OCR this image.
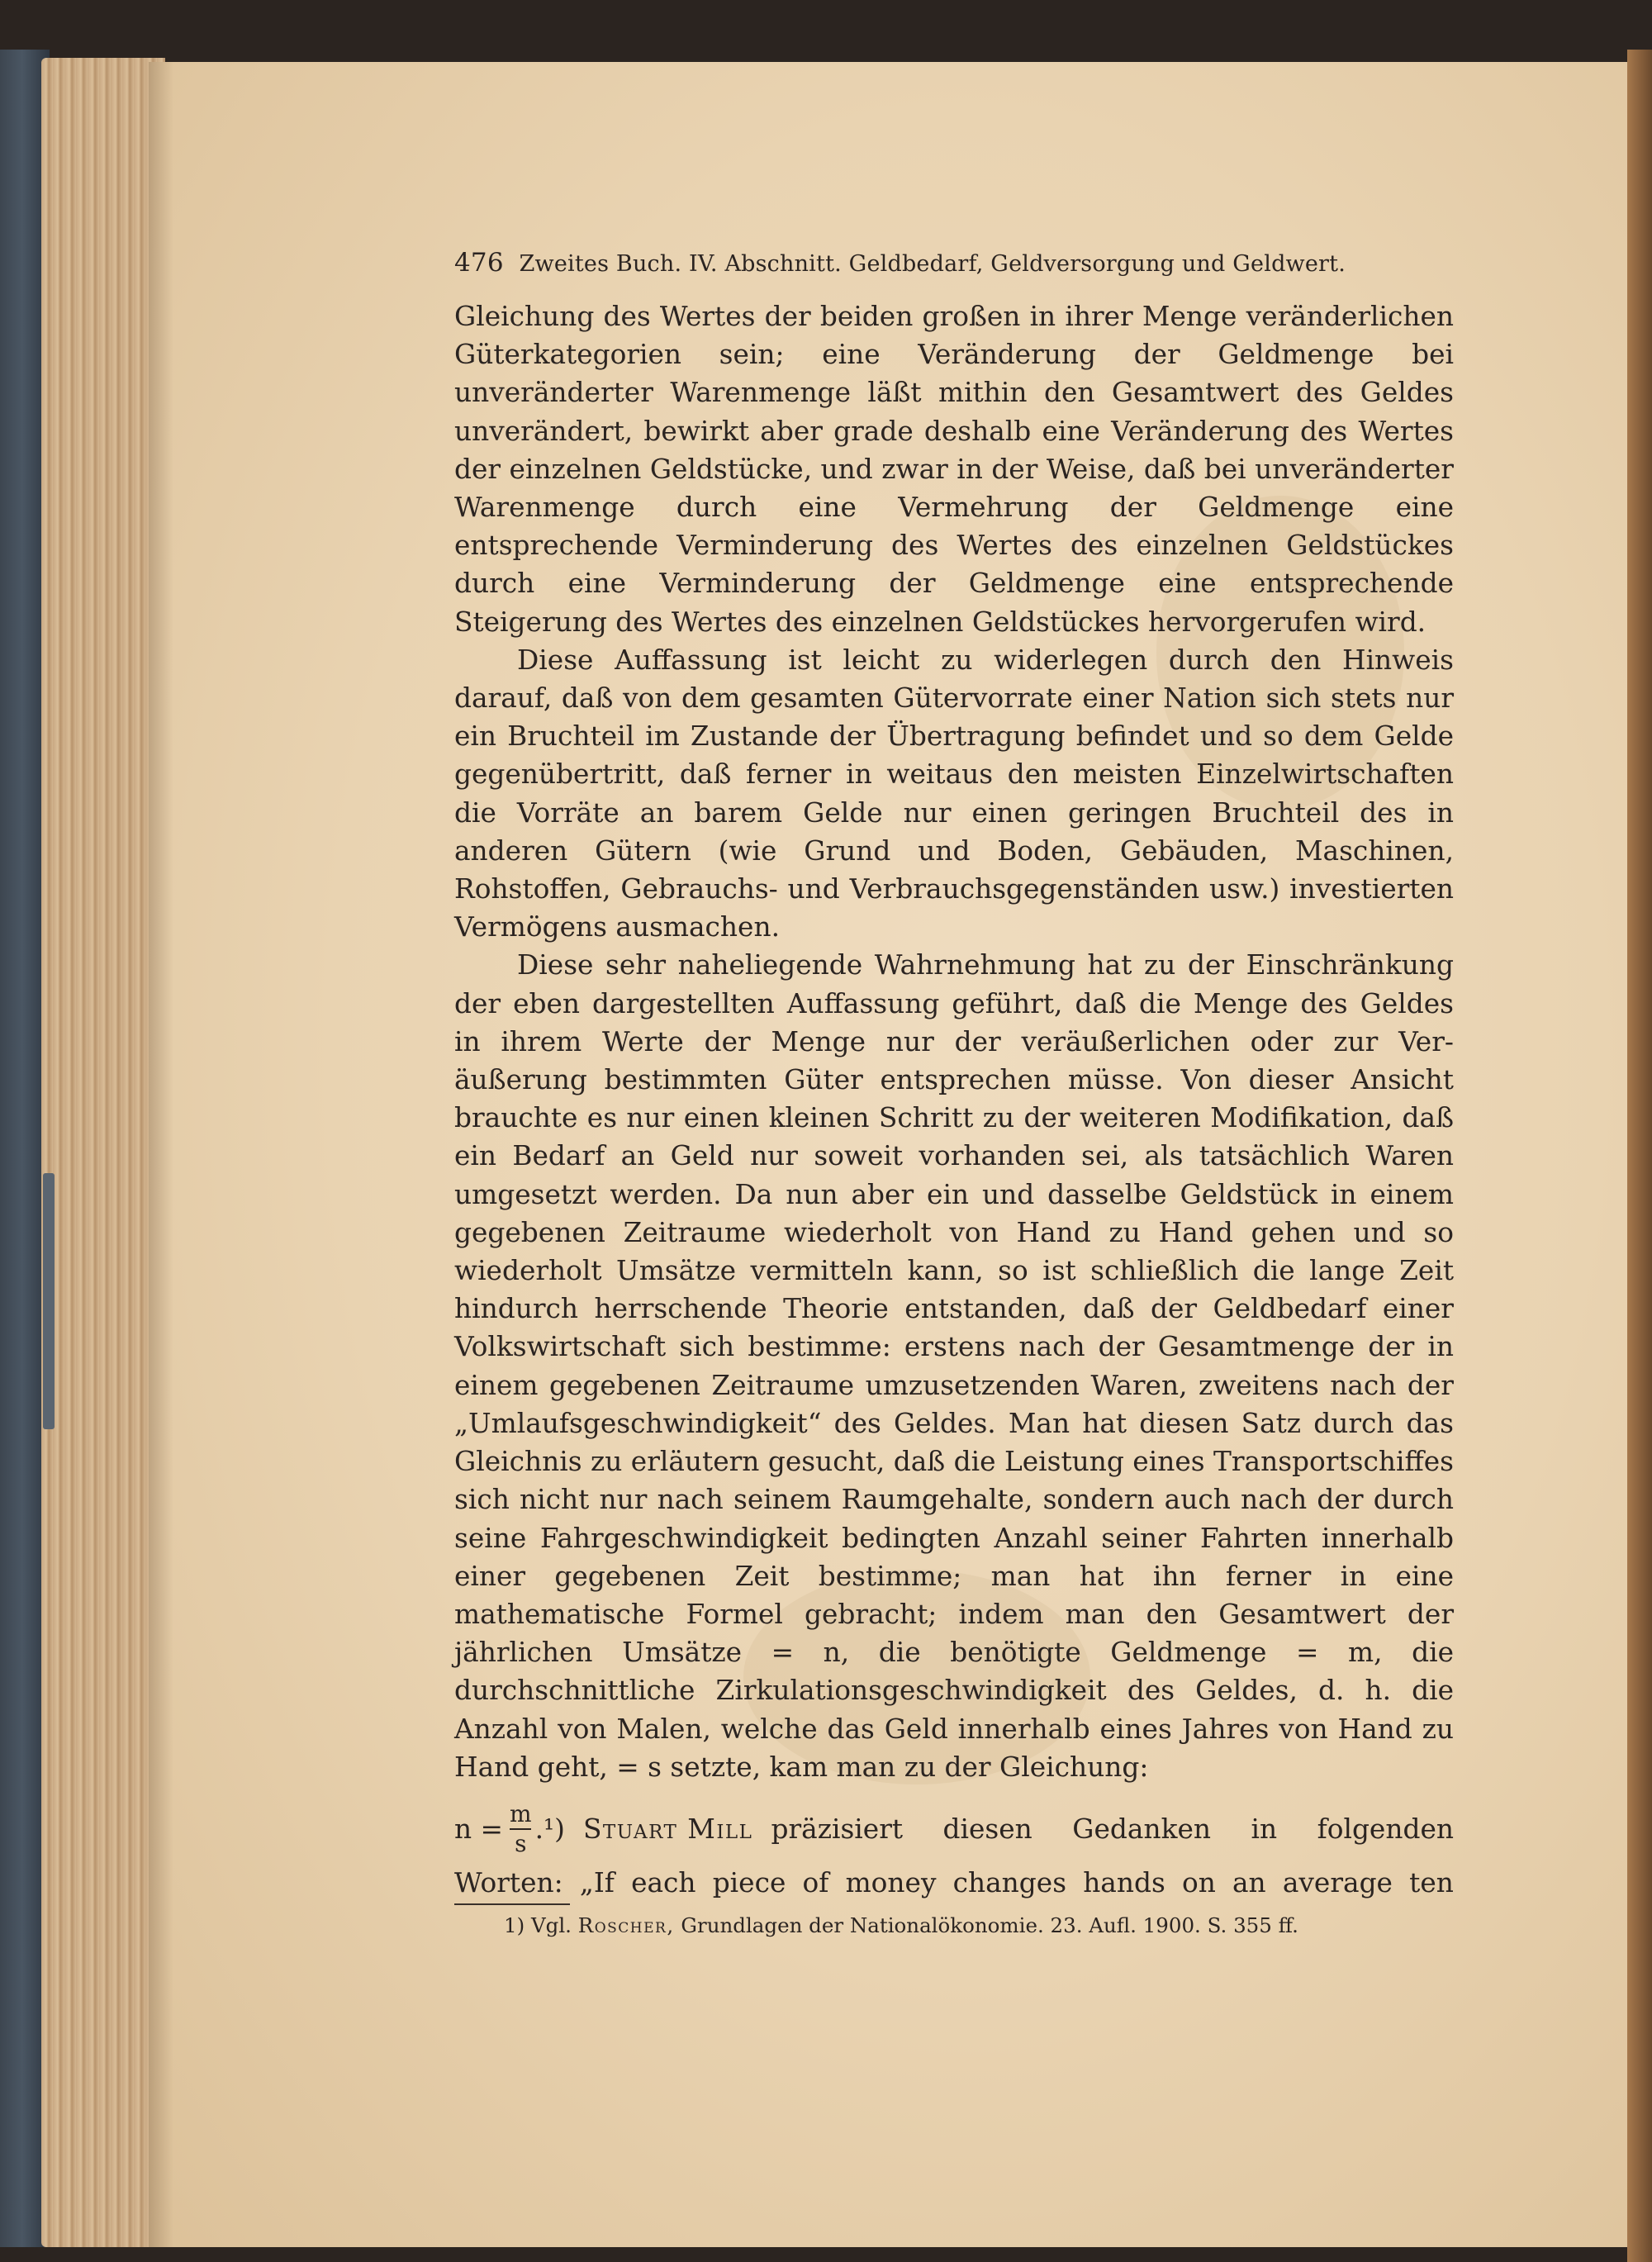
476 Zweites Buch. IV. Abschnitt. Geldbedarf, Geldversorgung und Geldwert.

Gleichung des Wertes der beiden großen in ihrer Menge veränderlichen Güterkategorien sein; eine Veränderung der Geldmenge bei unveränderter Warenmenge läßt mithin den Gesamtwert des Geldes unverändert, bewirkt aber grade deshalb eine Veränderung des Wertes der einzelnen Geldstücke, und zwar in der Weise, daß bei unveränderter Warenmenge durch eine Vermehrung der Geldmenge eine entsprechende Verminderung des Wertes des einzelnen Geldstückes durch eine Verminderung der Geldmenge eine entsprechende Steigerung des Wertes des einzelnen Geldstückes hervorgerufen wird.

Diese Auffassung ist leicht zu widerlegen durch den Hinweis darauf, daß von dem gesamten Gütervorrate einer Nation sich stets nur ein Bruchteil im Zustande der Übertragung befindet und so dem Gelde gegenübertritt, daß ferner in weitaus den meisten Einzelwirtschaften die Vorräte an barem Gelde nur einen geringen Bruchteil des in anderen Gütern (wie Grund und Boden, Gebäuden, Maschinen, Rohstoffen, Gebrauchs- und Verbrauchsgegenständen usw.) investierten Vermögens ausmachen.

Diese sehr naheliegende Wahrnehmung hat zu der Einschränkung der eben dargestellten Auffassung geführt, daß die Menge des Geldes in ihrem Werte der Menge nur der veräußerlichen oder zur Veräußerung bestimmten Güter entsprechen müsse. Von dieser Ansicht brauchte es nur einen kleinen Schritt zu der weiteren Modifikation, daß ein Bedarf an Geld nur soweit vorhanden sei, als tatsächlich Waren umgesetzt werden. Da nun aber ein und dasselbe Geldstück in einem gegebenen Zeitraume wiederholt von Hand zu Hand gehen und so wiederholt Umsätze vermitteln kann, so ist schließlich die lange Zeit hindurch herrschende Theorie entstanden, daß der Geldbedarf einer Volkswirtschaft sich bestimme: erstens nach der Gesamtmenge der in einem gegebenen Zeitraume umzusetzenden Waren, zweitens nach der „Umlaufsgeschwindigkeit“ des Geldes. Man hat diesen Satz durch das Gleichnis zu erläutern gesucht, daß die Leistung eines Transportschiffes sich nicht nur nach seinem Raumgehalte, sondern auch nach der durch seine Fahrgeschwindigkeit bedingten Anzahl seiner Fahrten innerhalb einer gegebenen Zeit bestimme; man hat ihn ferner in eine mathematische Formel gebracht; indem man den Gesamtwert der jährlichen Umsätze = n, die benötigte Geldmenge = m, die durchschnittliche Zirkulationsgeschwindigkeit des Geldes, d. h. die Anzahl von Malen, welche das Geld innerhalb eines Jahres von Hand zu Hand geht, = s setzte, kam man zu der Gleichung:

$n = \frac{m}{s} .^1$) Stuart Mill präzisiert diesen Gedanken in folgenden
Worten: „If each piece of money changes hands on an average ten
1) Vgl. Roscher, Grundlagen der Nationalökonomie. 23. Aufl. 1900. S. 355 ff.
